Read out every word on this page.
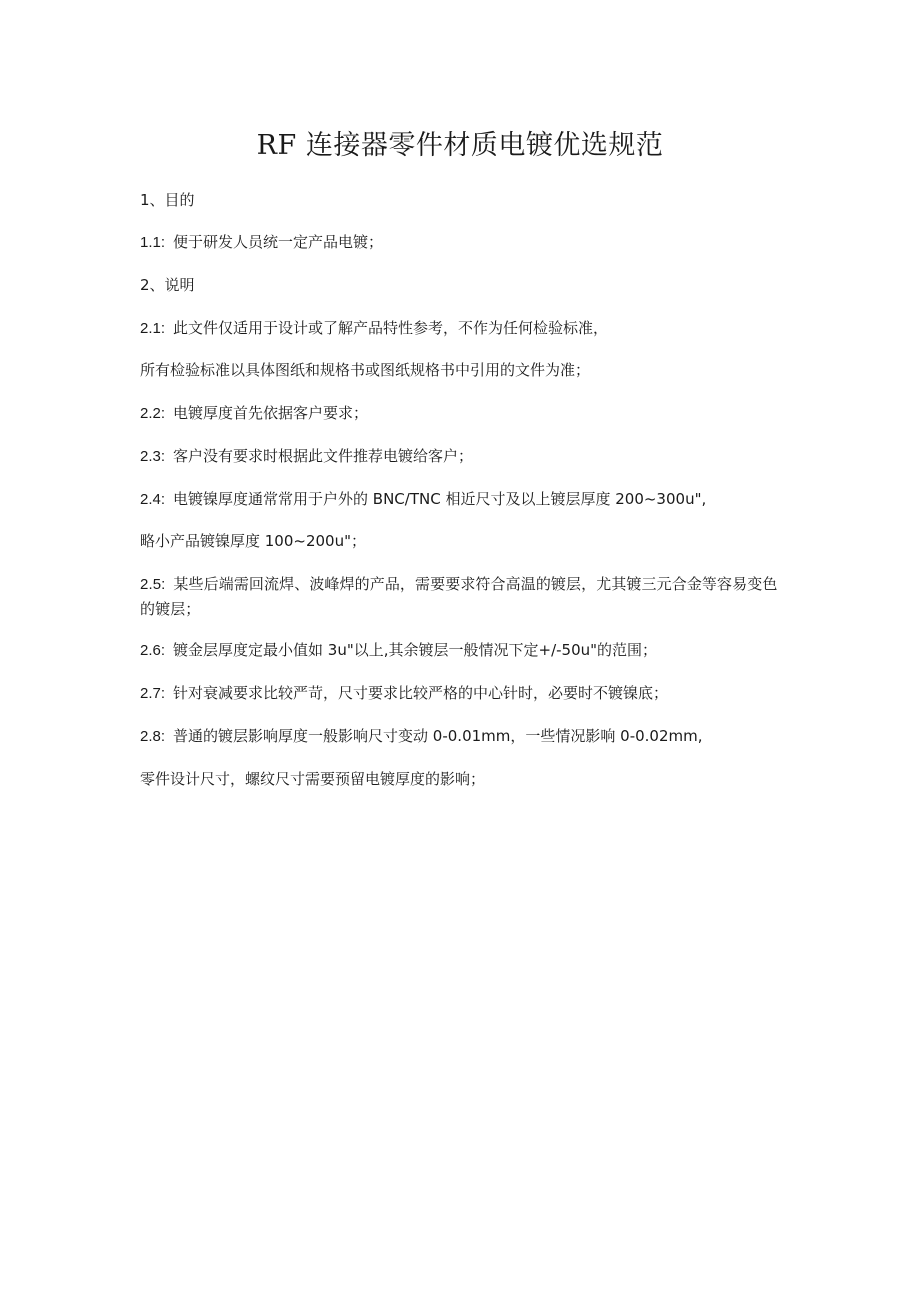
RF 连接器零件材质电镀优选规范
1、目的
1.1: 便于研发人员统一定产品电镀；
2、说明
2.1: 此文件仅适用于设计或了解产品特性参考，不作为任何检验标准，
所有检验标准以具体图纸和规格书或图纸规格书中引用的文件为准；
2.2: 电镀厚度首先依据客户要求；
2.3: 客户没有要求时根据此文件推荐电镀给客户；
2.4: 电镀镍厚度通常常用于户外的 BNC/TNC 相近尺寸及以上镀层厚度 200~300u",
略小产品镀镍厚度 100~200u"；
2.5: 某些后端需回流焊、波峰焊的产品，需要要求符合高温的镀层，尤其镀三元合金等容易变色的镀层；
2.6: 镀金层厚度定最小值如 3u"以上,其余镀层一般情况下定+/-50u"的范围；
2.7: 针对衰减要求比较严苛，尺寸要求比较严格的中心针时，必要时不镀镍底；
2.8: 普通的镀层影响厚度一般影响尺寸变动 0-0.01mm，一些情况影响 0-0.02mm,
零件设计尺寸，螺纹尺寸需要预留电镀厚度的影响；
